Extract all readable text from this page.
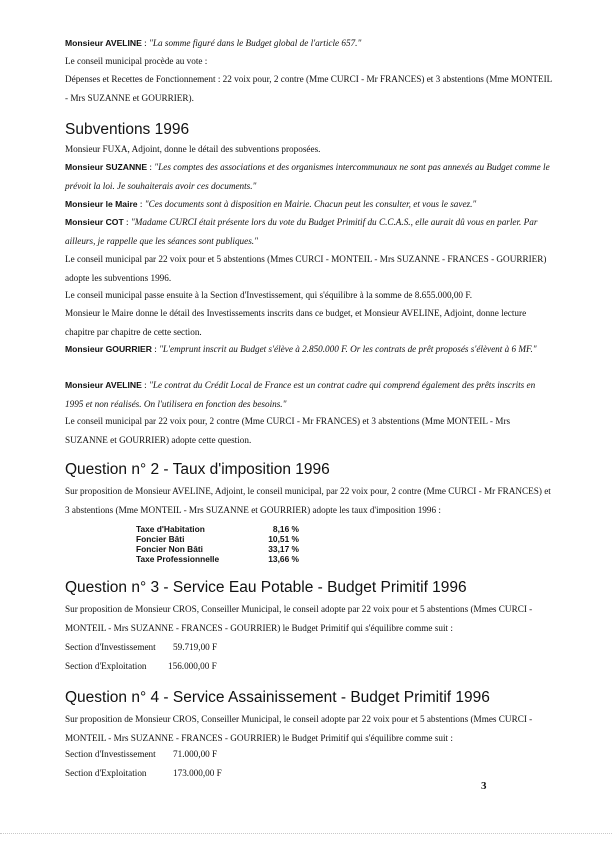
Monsieur AVELINE : "La somme figuré dans le Budget global de l'article 657."

Le conseil municipal procède au vote :

Dépenses et Recettes de Fonctionnement : 22 voix pour, 2 contre (Mme CURCI - Mr FRANCES) et 3 abstentions (Mme MONTEIL - Mrs SUZANNE et GOURRIER).

Subventions 1996

Monsieur FUXA, Adjoint, donne le détail des subventions proposées.

Monsieur SUZANNE : "Les comptes des associations et des organismes intercommunaux ne sont pas annexés au Budget comme le prévoit la loi. Je souhaiterais avoir ces documents."

Monsieur le Maire : "Ces documents sont à disposition en Mairie. Chacun peut les consulter, et vous le savez."

Monsieur COT : "Madame CURCI était présente lors du vote du Budget Primitif du C.C.A.S., elle aurait dû vous en parler. Par ailleurs, je rappelle que les séances sont publiques."

Le conseil municipal par 22 voix pour et 5 abstentions (Mmes CURCI - MONTEIL - Mrs SUZANNE - FRANCES - GOURRIER) adopte les subventions 1996.

Le conseil municipal passe ensuite à la Section d'Investissement, qui s'équilibre à la somme de 8.655.000,00 F.

Monsieur le Maire donne le détail des Investissements inscrits dans ce budget, et Monsieur AVELINE, Adjoint, donne lecture chapitre par chapitre de cette section.

Monsieur GOURRIER : "L'emprunt inscrit au Budget s'élève à 2.850.000 F. Or les contrats de prêt proposés s'élèvent à 6 MF."

Monsieur AVELINE : "Le contrat du Crédit Local de France est un contrat cadre qui comprend également des prêts inscrits en 1995 et non réalisés. On l'utilisera en fonction des besoins."

Le conseil municipal par 22 voix pour, 2 contre (Mme CURCI - Mr FRANCES) et 3 abstentions (Mme MONTEIL - Mrs SUZANNE et GOURRIER) adopte cette question.

Question n° 2 - Taux d'imposition 1996

Sur proposition de Monsieur AVELINE, Adjoint, le conseil municipal, par 22 voix pour, 2 contre (Mme CURCI - Mr FRANCES) et 3 abstentions (Mme MONTEIL - Mrs SUZANNE et GOURRIER) adopte les taux d'imposition 1996 :

Taxe d'Habitation	8,16 %
Foncier Bâti	10,51 %
Foncier Non Bâti	33,17 %
Taxe Professionnelle	13,66 %
Question n° 3 - Service Eau Potable - Budget Primitif 1996

Sur proposition de Monsieur CROS, Conseiller Municipal, le conseil adopte par 22 voix pour et 5 abstentions (Mmes CURCI - MONTEIL - Mrs SUZANNE - FRANCES - GOURRIER) le Budget Primitif qui s'équilibre comme suit :

Section d'Investissement 59.719,00 F
Section d'Exploitation 156.000,00 F
Question n° 4 - Service Assainissement - Budget Primitif 1996

Sur proposition de Monsieur CROS, Conseiller Municipal, le conseil adopte par 22 voix pour et 5 abstentions (Mmes CURCI - MONTEIL - Mrs SUZANNE - FRANCES - GOURRIER) le Budget Primitif qui s'équilibre comme suit :

Section d'Investissement 71.000,00 F
Section d'Exploitation	173.000,00 F
3
